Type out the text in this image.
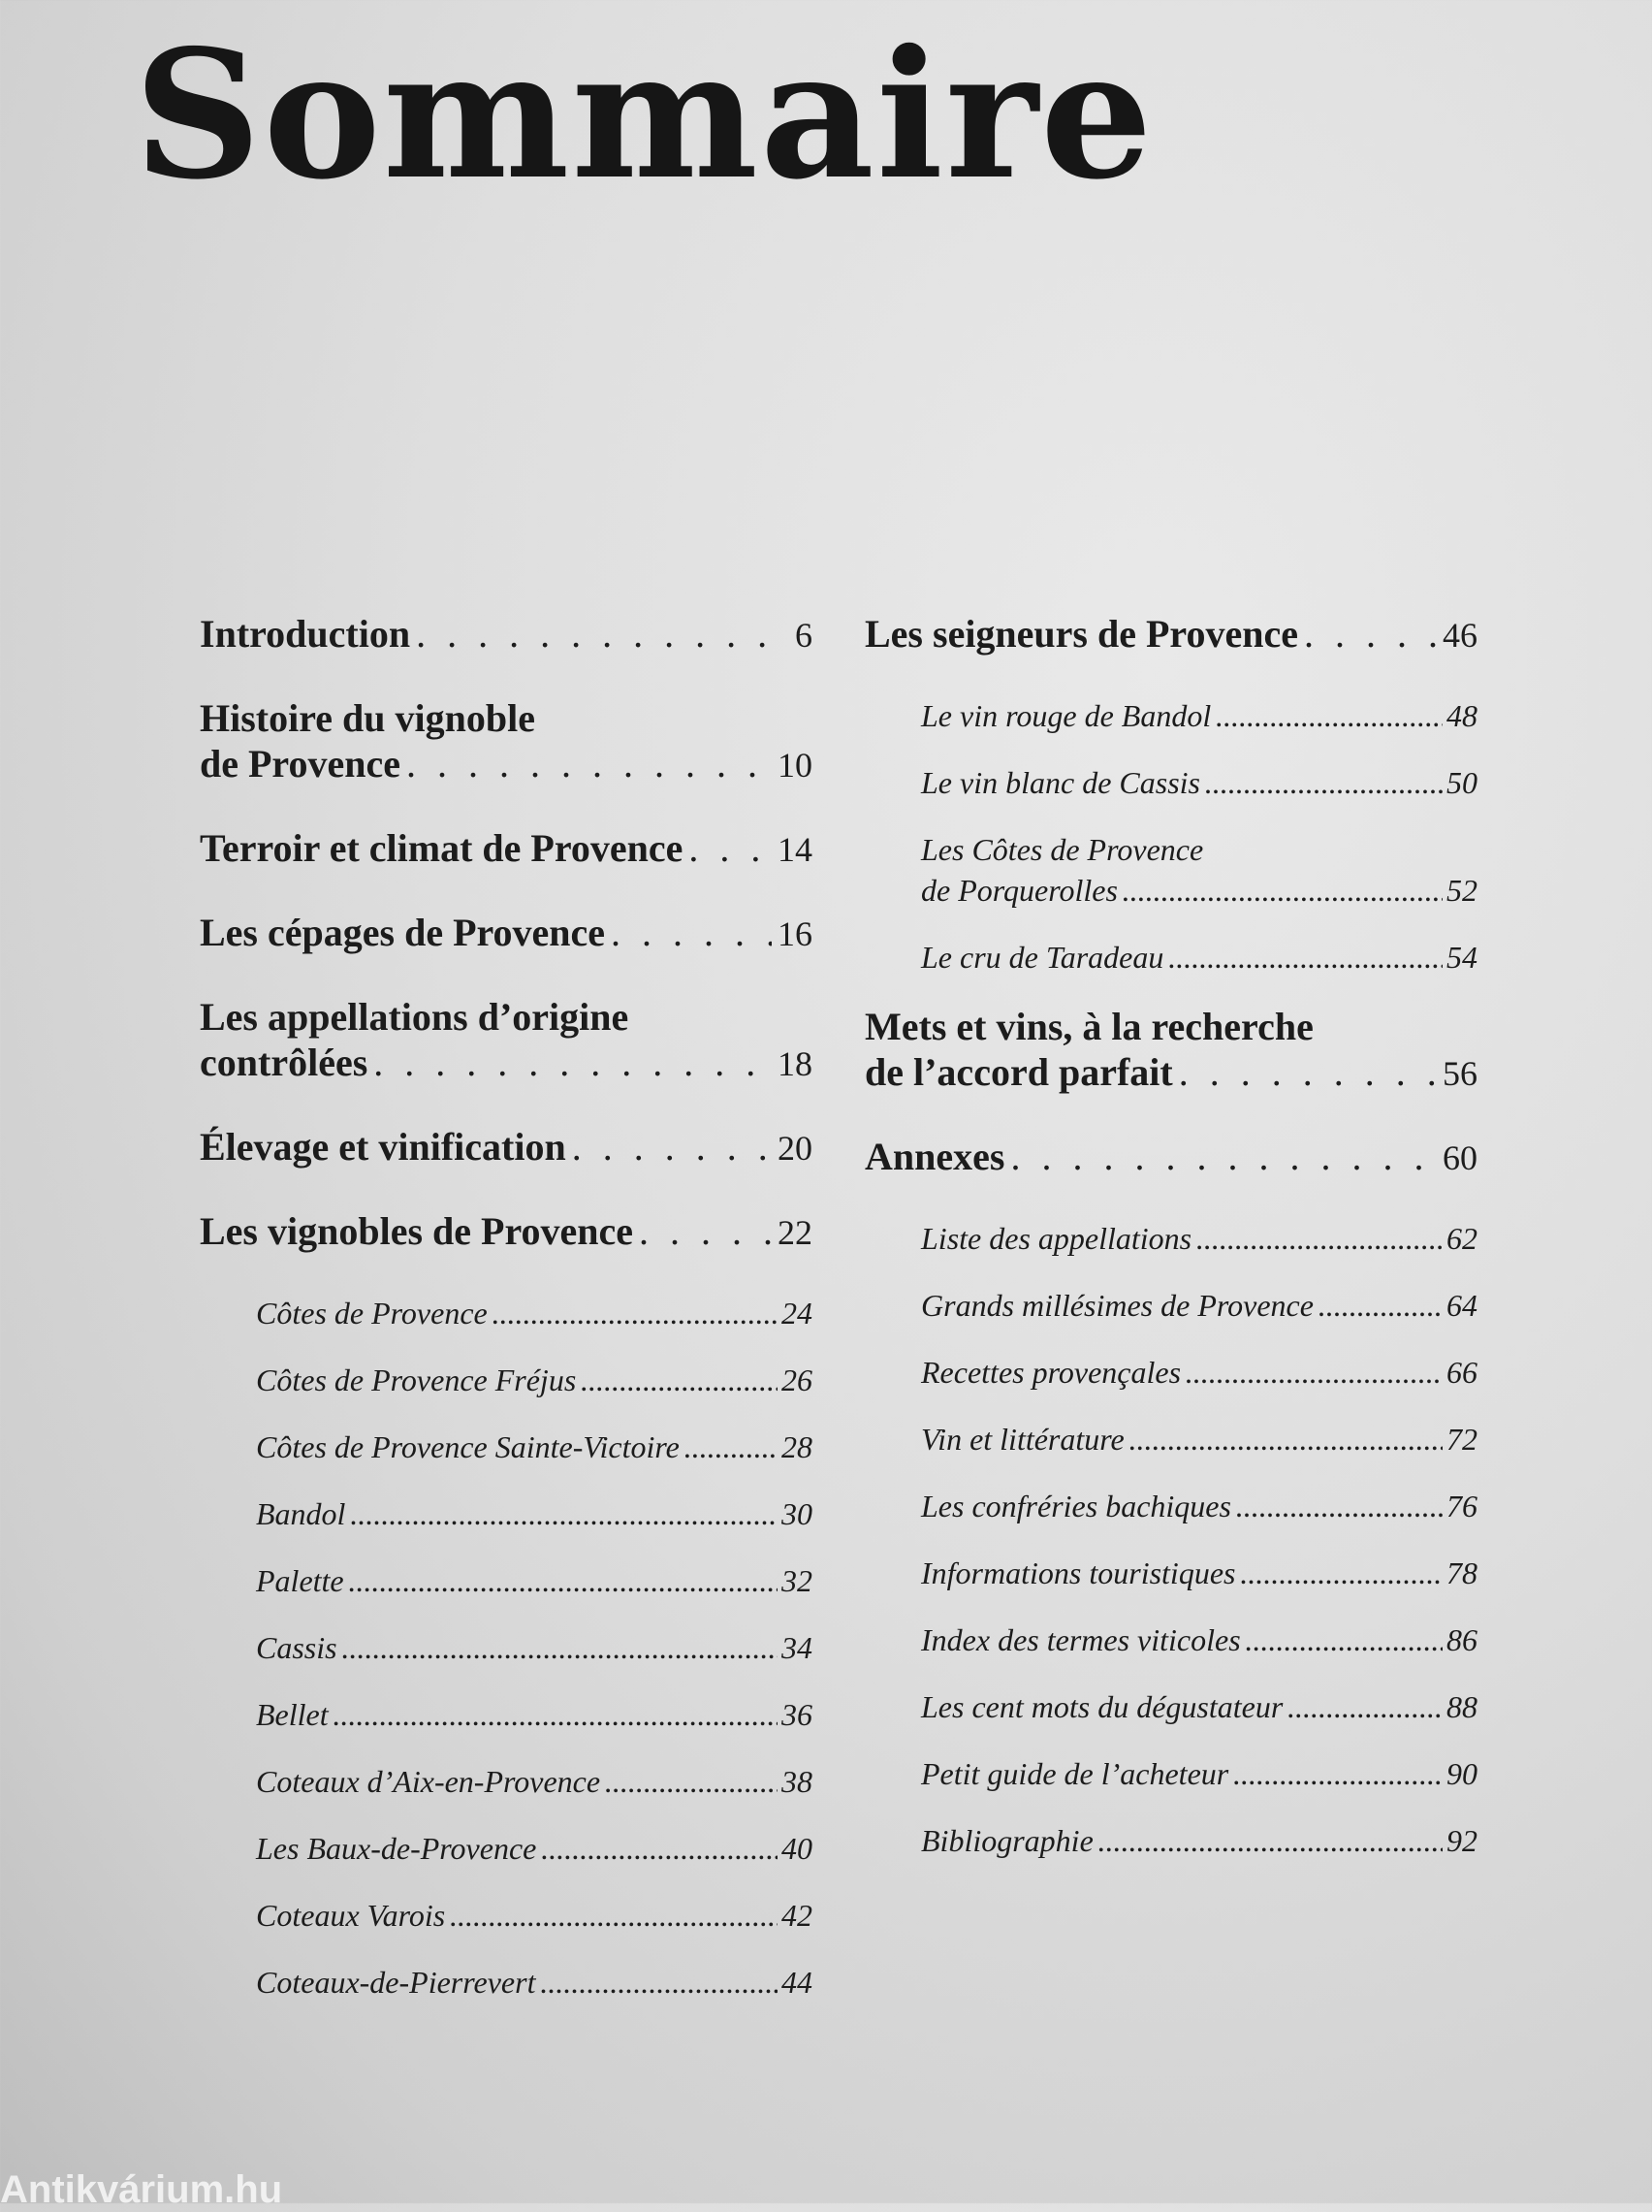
Sommaire
Introduction . . .	6
Histoire du vignoble
de Provence . . .	10
Terroir et climat de Provence . . .	14
Les cépages de Provence . . .	16
Les appellations d’origine
contrôlées . . .	18
Élevage et vinification . . .	20
Les vignobles de Provence . . .	22
Côtes de Provence .....	24
Côtes de Provence Fréjus .....	26
Côtes de Provence Sainte-Victoire .....	28
Bandol .....	30
Palette .....	32
Cassis .....	34
Bellet .....	36
Coteaux d’Aix-en-Provence .....	38
Les Baux-de-Provence .....	40
Coteaux Varois .....	42
Coteaux-de-Pierrevert .....	44
Les seigneurs de Provence . . .	46
Le vin rouge de Bandol .....	48
Le vin blanc de Cassis .....	50
Les Côtes de Provence
de Porquerolles .....	52
Le cru de Taradeau .....	54
Mets et vins, à la recherche
de l’accord parfait . . .	56
Annexes . . .	60
Liste des appellations .....	62
Grands millésimes de Provence .....	64
Recettes provençales .....	66
Vin et littérature .....	72
Les confréries bachiques .....	76
Informations touristiques .....	78
Index des termes viticoles .....	86
Les cent mots du dégustateur .....	88
Petit guide de l’acheteur .....	90
Bibliographie .....	92
Antikvárium.hu
